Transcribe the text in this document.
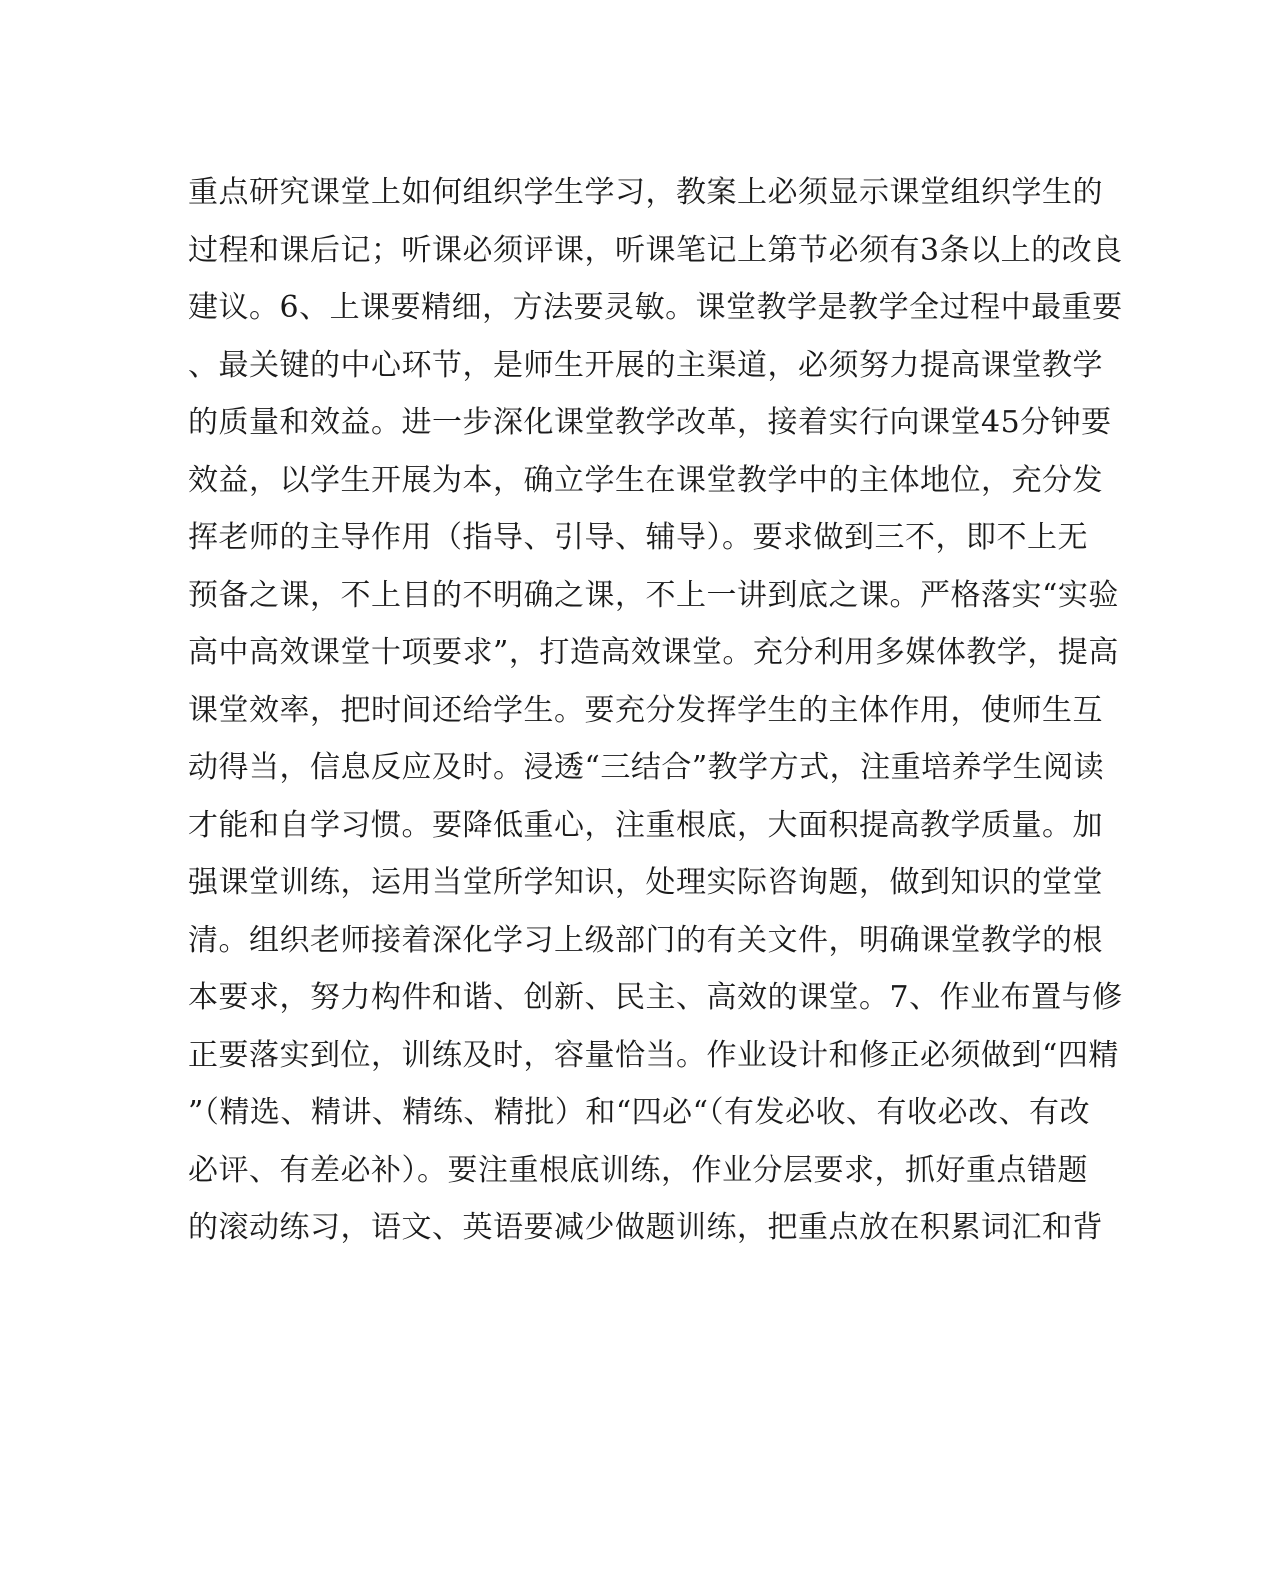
重点研究课堂上如何组织学生学习，教案上必须显示课堂组织学生的
过程和课后记；听课必须评课，听课笔记上第节必须有3条以上的改良
建议。6、上课要精细，方法要灵敏。课堂教学是教学全过程中最重要
、最关键的中心环节，是师生开展的主渠道，必须努力提高课堂教学
的质量和效益。进一步深化课堂教学改革，接着实行向课堂45分钟要
效益，以学生开展为本，确立学生在课堂教学中的主体地位，充分发
挥老师的主导作用（指导、引导、辅导）。要求做到三不，即不上无
预备之课，不上目的不明确之课，不上一讲到底之课。严格落实“实验
高中高效课堂十项要求”，打造高效课堂。充分利用多媒体教学，提高
课堂效率，把时间还给学生。要充分发挥学生的主体作用，使师生互
动得当，信息反应及时。浸透“三结合”教学方式，注重培养学生阅读
才能和自学习惯。要降低重心，注重根底，大面积提高教学质量。加
强课堂训练，运用当堂所学知识，处理实际咨询题，做到知识的堂堂
清。组织老师接着深化学习上级部门的有关文件，明确课堂教学的根
本要求，努力构件和谐、创新、民主、高效的课堂。7、作业布置与修
正要落实到位，训练及时，容量恰当。作业设计和修正必须做到“四精
”（精选、精讲、精练、精批）和“四必“（有发必收、有收必改、有改
必评、有差必补）。要注重根底训练，作业分层要求，抓好重点错题
的滚动练习，语文、英语要减少做题训练，把重点放在积累词汇和背
